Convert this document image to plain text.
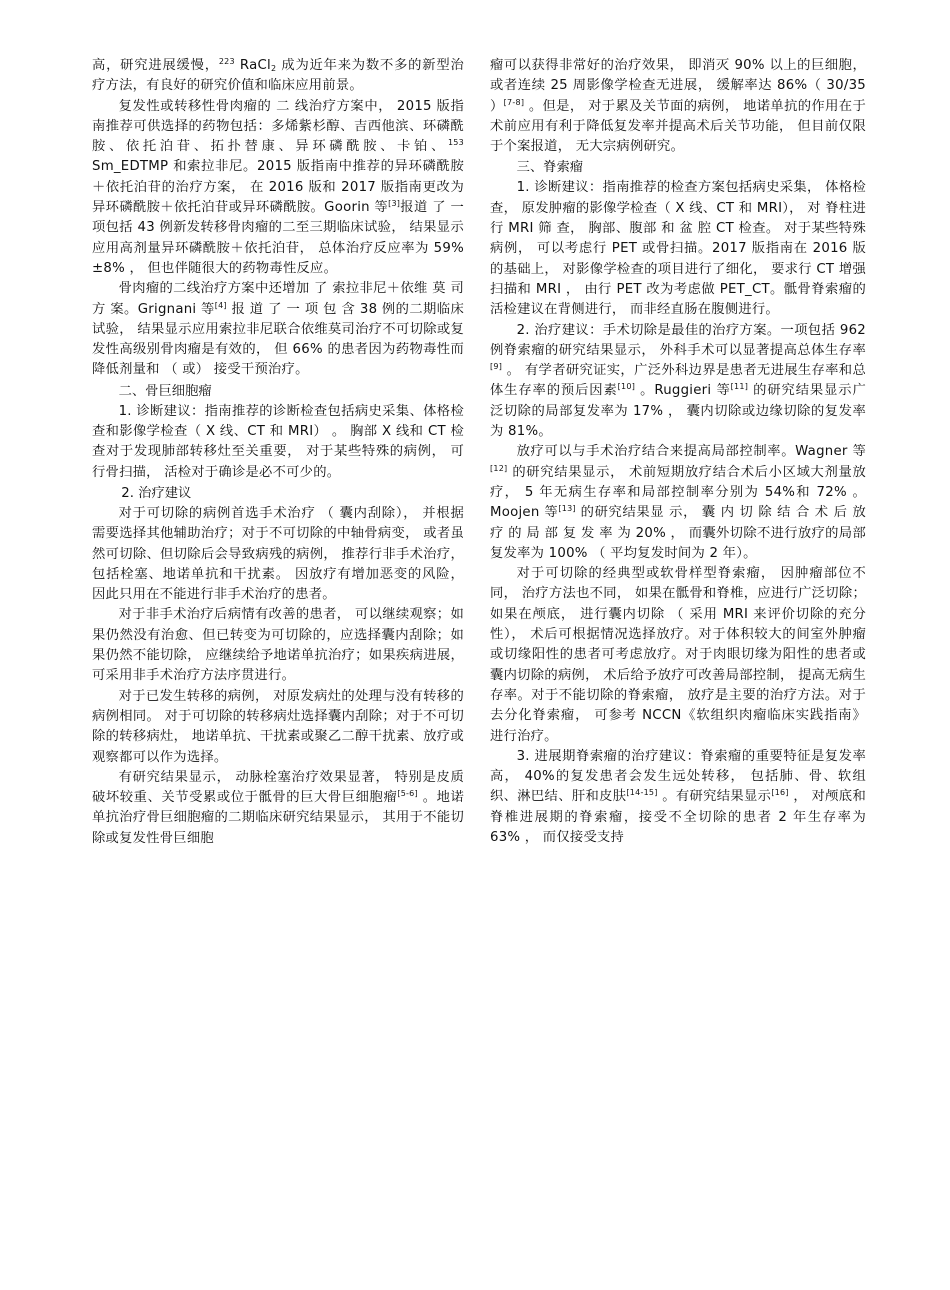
高，研究进展缓慢，$^{223}$ RaCl$_2$ 成为近年来为数不多的新型治疗方法，有良好的研究价值和临床应用前景。

复发性或转移性骨肉瘤的 二 线治疗方案中， 2015 版指南推荐可供选择的药物包括：多烯紫杉醇、吉西他滨、环磷酰胺、依托泊苷、拓扑替康、异环磷酰胺、卡铂、$^{153}$ Sm_EDTMP 和索拉非尼。2015 版指南中推荐的异环磷酰胺＋依托泊苷的治疗方案， 在 2016 版和 2017 版指南更改为异环磷酰胺＋依托泊苷或异环磷酰胺。Goorin 等[3]报道 了 一项包括 43 例新发转移骨肉瘤的二至三期临床试验， 结果显示应用高剂量异环磷酰胺＋依托泊苷， 总体治疗反应率为 59%±8% ， 但也伴随很大的药物毒性反应。

骨肉瘤的二线治疗方案中还增加 了 索拉非尼＋依维 莫 司 方 案。Grignani 等[4] 报 道 了 一 项 包 含 38 例的二期临床试验， 结果显示应用索拉非尼联合依维莫司治疗不可切除或复发性高级别骨肉瘤是有效的， 但 66% 的患者因为药物毒性而降低剂量和 （ 或） 接受干预治疗。

二、骨巨细胞瘤

1. 诊断建议：指南推荐的诊断检查包括病史采集、体格检查和影像学检查（ X 线、CT 和 MRI） 。 胸部 X 线和 CT 检查对于发现肺部转移灶至关重要， 对于某些特殊的病例， 可行骨扫描， 活检对于确诊是必不可少的。

2. 治疗建议

对于可切除的病例首选手术治疗 （ 囊内刮除）， 并根据需要选择其他辅助治疗；对于不可切除的中轴骨病变， 或者虽然可切除、但切除后会导致病残的病例， 推荐行非手术治疗， 包括栓塞、地诺单抗和干扰素。 因放疗有增加恶变的风险， 因此只用在不能进行非手术治疗的患者。

对于非手术治疗后病情有改善的患者， 可以继续观察；如果仍然没有治愈、但已转变为可切除的，应选择囊内刮除；如果仍然不能切除， 应继续给予地诺单抗治疗；如果疾病进展， 可采用非手术治疗方法序贯进行。

对于已发生转移的病例， 对原发病灶的处理与没有转移的病例相同。 对于可切除的转移病灶选择囊内刮除；对于不可切除的转移病灶， 地诺单抗、干扰素或聚乙二醇干扰素、放疗或观察都可以作为选择。

有研究结果显示， 动脉栓塞治疗效果显著， 特别是皮质破坏较重、关节受累或位于骶骨的巨大骨巨细胞瘤[5-6] 。地诺单抗治疗骨巨细胞瘤的二期临床研究结果显示， 其用于不能切除或复发性骨巨细胞

瘤可以获得非常好的治疗效果， 即消灭 90% 以上的巨细胞， 或者连续 25 周影像学检查无进展， 缓解率达 86%（ 30/35 ）[7-8] 。但是， 对于累及关节面的病例， 地诺单抗的作用在于术前应用有利于降低复发率并提高术后关节功能， 但目前仅限于个案报道， 无大宗病例研究。

三、脊索瘤

1. 诊断建议：指南推荐的检查方案包括病史采集， 体格检查， 原发肿瘤的影像学检查（ X 线、CT 和 MRI）， 对 脊柱进 行 MRI 筛 查， 胸部、腹部 和 盆 腔 CT 检查。 对于某些特殊病例， 可以考虑行 PET 或骨扫描。2017 版指南在 2016 版的基础上， 对影像学检查的项目进行了细化， 要求行 CT 增强扫描和 MRI ， 由行 PET 改为考虑做 PET_CT。骶骨脊索瘤的活检建议在背侧进行， 而非经直肠在腹侧进行。

2. 治疗建议：手术切除是最佳的治疗方案。一项包括 962 例脊索瘤的研究结果显示， 外科手术可以显著提高总体生存率[9] 。 有学者研究证实，广泛外科边界是患者无进展生存率和总体生存率的预后因素[10] 。Ruggieri 等[11] 的研究结果显示广泛切除的局部复发率为 17% ， 囊内切除或边缘切除的复发率为 81%。

放疗可以与手术治疗结合来提高局部控制率。Wagner 等[12] 的研究结果显示， 术前短期放疗结合术后小区域大剂量放疗， 5 年无病生存率和局部控制率分别为 54%和 72% 。Moojen 等[13] 的研究结果显 示， 囊 内 切 除 结 合 术 后 放 疗 的 局 部 复 发 率 为 20% ， 而囊外切除不进行放疗的局部复发率为 100% （ 平均复发时间为 2 年）。

对于可切除的经典型或软骨样型脊索瘤， 因肿瘤部位不同， 治疗方法也不同， 如果在骶骨和脊椎，应进行广泛切除；如果在颅底， 进行囊内切除 （ 采用 MRI 来评价切除的充分性）， 术后可根据情况选择放疗。对于体积较大的间室外肿瘤或切缘阳性的患者可考虑放疗。对于肉眼切缘为阳性的患者或囊内切除的病例， 术后给予放疗可改善局部控制， 提高无病生存率。对于不能切除的脊索瘤， 放疗是主要的治疗方法。对于去分化脊索瘤， 可参考 NCCN《软组织肉瘤临床实践指南》 进行治疗。

3. 进展期脊索瘤的治疗建议：脊索瘤的重要特征是复发率高， 40%的复发患者会发生远处转移， 包括肺、骨、软组织、淋巴结、肝和皮肤[14-15] 。有研究结果显示[16] ， 对颅底和脊椎进展期的脊索瘤，接受不全切除的患者 2 年生存率为 63% ， 而仅接受支持
